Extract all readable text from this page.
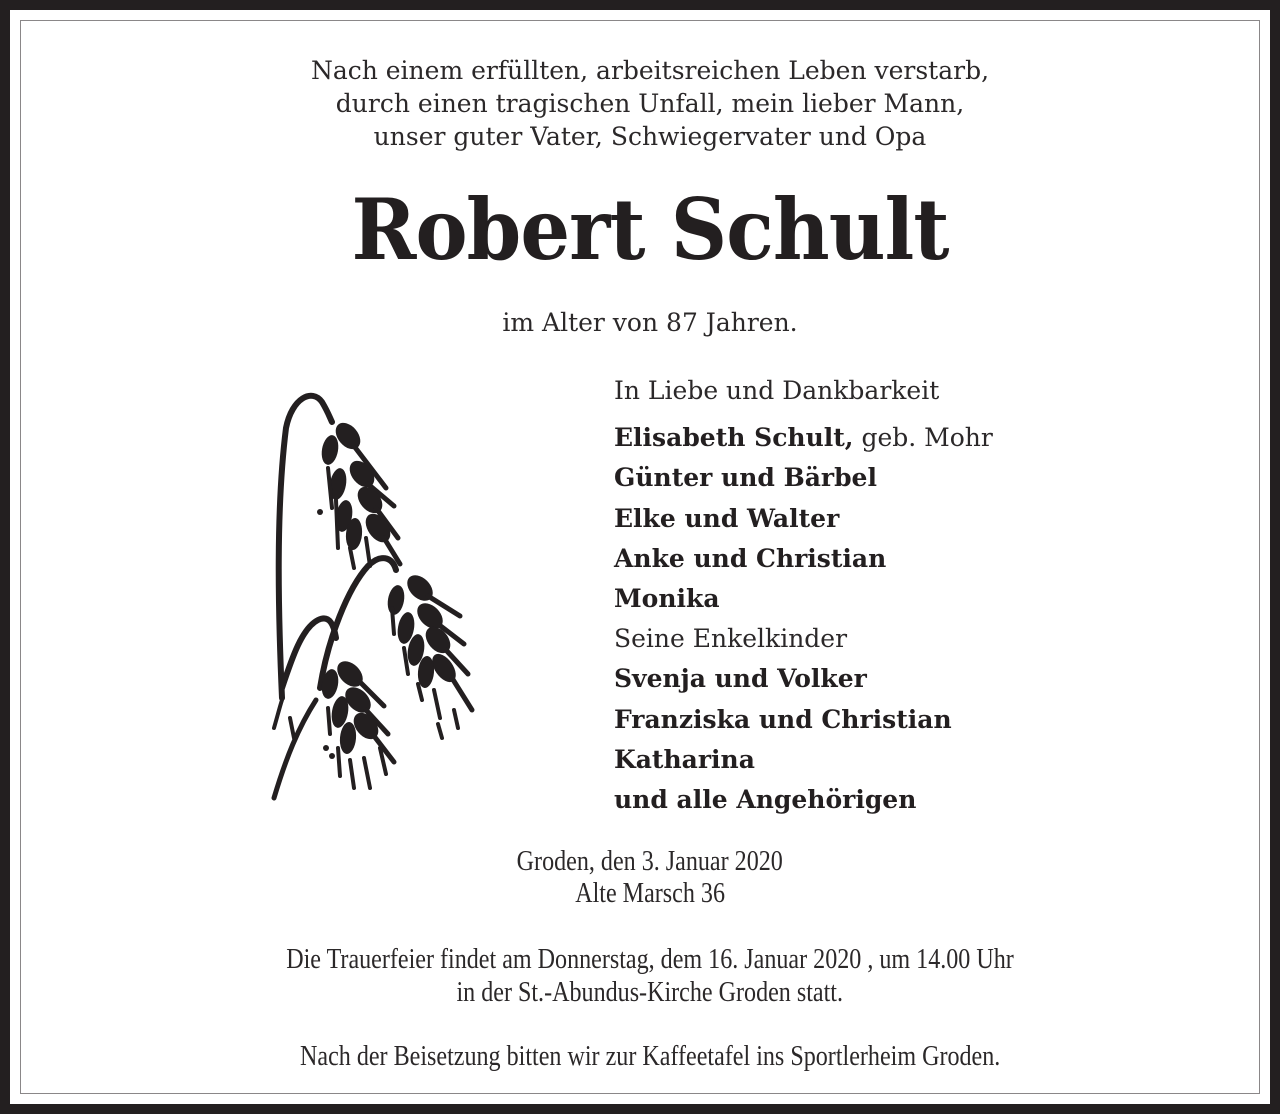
Nach einem erfüllten, arbeitsreichen Leben verstarb,
durch einen tragischen Unfall, mein lieber Mann,
unser guter Vater, Schwiegervater und Opa
Robert Schult
im Alter von 87 Jahren.
In Liebe und Dankbarkeit
Elisabeth Schult, geb. Mohr
Günter und Bärbel
Elke und Walter
Anke und Christian
Monika
Seine Enkelkinder
Svenja und Volker
Franziska und Christian
Katharina
und alle Angehörigen
Groden, den 3. Januar 2020
Alte Marsch 36
Die Trauerfeier findet am Donnerstag, dem 16. Januar 2020 , um 14.00 Uhr
in der St.-Abundus-Kirche Groden statt.
Nach der Beisetzung bitten wir zur Kaffeetafel ins Sportlerheim Groden.
